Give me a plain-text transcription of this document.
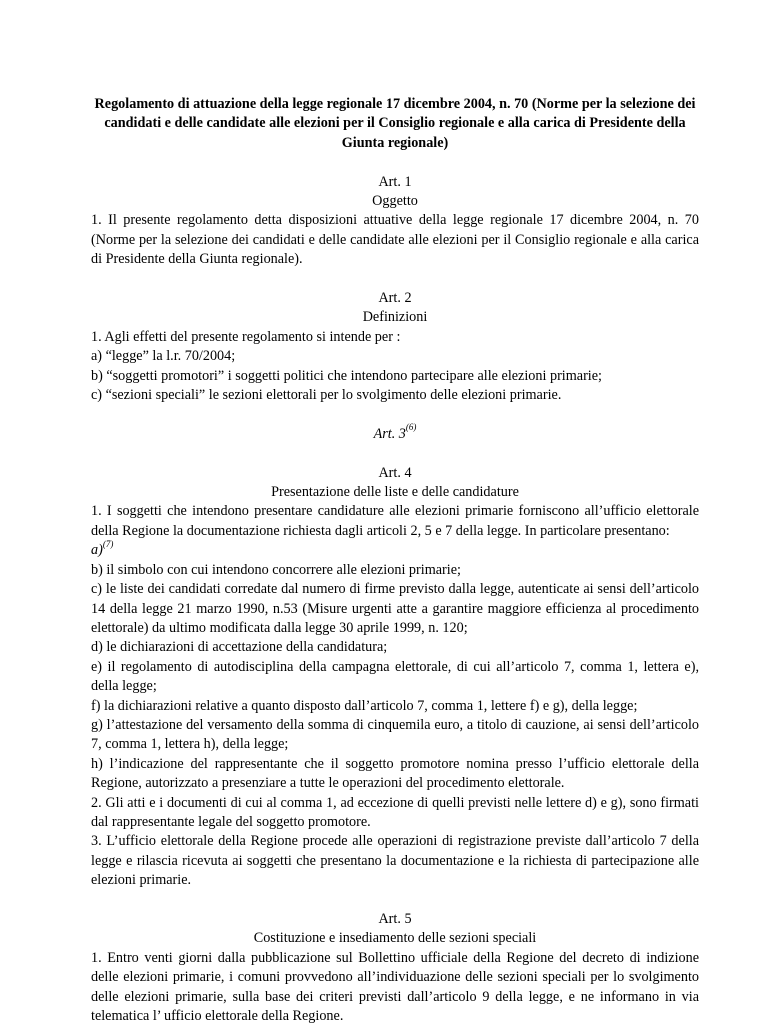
Regolamento di attuazione della legge regionale 17 dicembre 2004, n. 70 (Norme per la selezione dei candidati e delle candidate alle elezioni per il Consiglio regionale e alla carica di Presidente della Giunta regionale)

Art. 1

Oggetto

1. Il presente regolamento detta disposizioni attuative della legge regionale 17 dicembre 2004, n. 70 (Norme per la selezione dei candidati e delle candidate alle elezioni per il Consiglio regionale e alla carica di Presidente della Giunta regionale).

Art. 2

Definizioni

1. Agli effetti del presente regolamento si intende per :

a) “legge” la l.r. 70/2004;

b) “soggetti promotori” i soggetti politici che intendono partecipare alle elezioni primarie;

c) “sezioni speciali” le sezioni elettorali per lo svolgimento delle elezioni primarie.

Art. 3$^{(6)}$

Art. 4

Presentazione delle liste e delle candidature

1. I soggetti che intendono presentare candidature alle elezioni primarie forniscono all’ufficio elettorale della Regione la documentazione richiesta dagli articoli 2, 5 e 7 della legge. In particolare presentano:

a)$^{(7)}$

b) il simbolo con cui intendono concorrere alle elezioni primarie;

c) le liste dei candidati corredate dal numero di firme previsto dalla legge, autenticate ai sensi dell’articolo 14 della legge 21 marzo 1990, n.53 (Misure urgenti atte a garantire maggiore efficienza al procedimento elettorale) da ultimo modificata dalla legge 30 aprile 1999, n. 120;

d) le dichiarazioni di accettazione della candidatura;

e) il regolamento di autodisciplina della campagna elettorale, di cui all’articolo 7, comma 1, lettera e), della legge;

f) la dichiarazioni relative a quanto disposto dall’articolo 7, comma 1, lettere f) e g), della legge;

g) l’attestazione del versamento della somma di cinquemila euro, a titolo di cauzione, ai sensi dell’articolo 7, comma 1, lettera h), della legge;

h) l’indicazione del rappresentante che il soggetto promotore nomina presso l’ufficio elettorale della Regione, autorizzato a presenziare a tutte le operazioni del procedimento elettorale.

2. Gli atti e i documenti di cui al comma 1, ad eccezione di quelli previsti nelle lettere d) e g), sono firmati dal rappresentante legale del soggetto promotore.

3. L’ufficio elettorale della Regione procede alle operazioni di registrazione previste dall’articolo 7 della legge e rilascia ricevuta ai soggetti che presentano la documentazione e la richiesta di partecipazione alle elezioni primarie.

Art. 5

Costituzione e insediamento delle sezioni speciali

1. Entro venti giorni dalla pubblicazione sul Bollettino ufficiale della Regione del decreto di indizione delle elezioni primarie, i comuni provvedono all’individuazione delle sezioni speciali per lo svolgimento delle elezioni primarie, sulla base dei criteri previsti dall’articolo 9 della legge, e ne informano in via telematica l’ ufficio elettorale della Regione.
